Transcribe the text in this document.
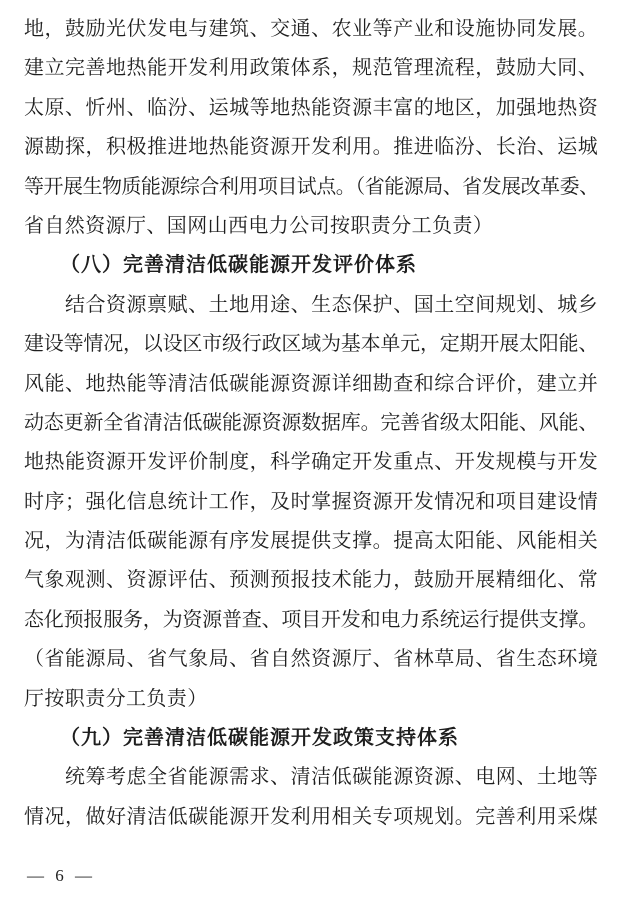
地，鼓励光伏发电与建筑、交通、农业等产业和设施协同发展。
建立完善地热能开发利用政策体系，规范管理流程，鼓励大同、
太原、忻州、临汾、运城等地热能资源丰富的地区，加强地热资
源勘探，积极推进地热能资源开发利用。推进临汾、长治、运城
等开展生物质能源综合利用项目试点。（省能源局、省发展改革委、
省自然资源厅、国网山西电力公司按职责分工负责）
（八）完善清洁低碳能源开发评价体系
结合资源禀赋、土地用途、生态保护、国土空间规划、城乡
建设等情况，以设区市级行政区域为基本单元，定期开展太阳能、
风能、地热能等清洁低碳能源资源详细勘查和综合评价，建立并
动态更新全省清洁低碳能源资源数据库。完善省级太阳能、风能、
地热能资源开发评价制度，科学确定开发重点、开发规模与开发
时序；强化信息统计工作，及时掌握资源开发情况和项目建设情
况，为清洁低碳能源有序发展提供支撑。提高太阳能、风能相关
气象观测、资源评估、预测预报技术能力，鼓励开展精细化、常
态化预报服务，为资源普查、项目开发和电力系统运行提供支撑。
（省能源局、省气象局、省自然资源厅、省林草局、省生态环境
厅按职责分工负责）
（九）完善清洁低碳能源开发政策支持体系
统筹考虑全省能源需求、清洁低碳能源资源、电网、土地等
情况，做好清洁低碳能源开发利用相关专项规划。完善利用采煤
— 6 —
